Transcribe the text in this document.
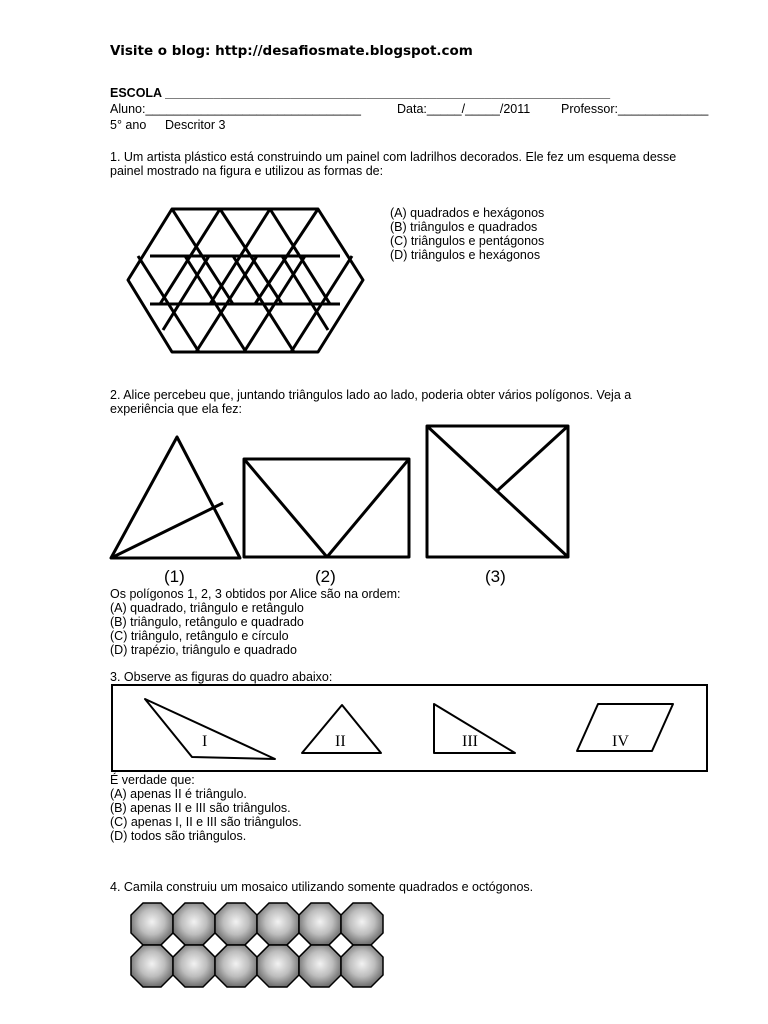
Visite o blog: http://desafiosmate.blogspot.com
ESCOLA ________________________________________________________________
Aluno:_______________________________	Data:_____/_____/2011 Professor:_____________
5° ano Descritor 3
1. Um artista plástico está construindo um painel com ladrilhos decorados. Ele fez um esquema desse
painel mostrado na figura e utilizou as formas de:
(A) quadrados e hexágonos
(B) triângulos e quadrados
(C) triângulos e pentágonos
(D) triângulos e hexágonos
2. Alice percebeu que, juntando triângulos lado ao lado, poderia obter vários polígonos. Veja a
experiência que ela fez:
(1)	(2)	(3)
Os polígonos 1, 2, 3 obtidos por Alice são na ordem:
(A) quadrado, triângulo e retângulo
(B) triângulo, retângulo e quadrado
(C) triângulo, retângulo e círculo
(D) trapézio, triângulo e quadrado
3. Observe as figuras do quadro abaixo:
I	II	III	IV
É verdade que:
(A) apenas II é triângulo.
(B) apenas II e III são triângulos.
(C) apenas I, II e III são triângulos.
(D) todos são triângulos.
4. Camila construiu um mosaico utilizando somente quadrados e octógonos.
